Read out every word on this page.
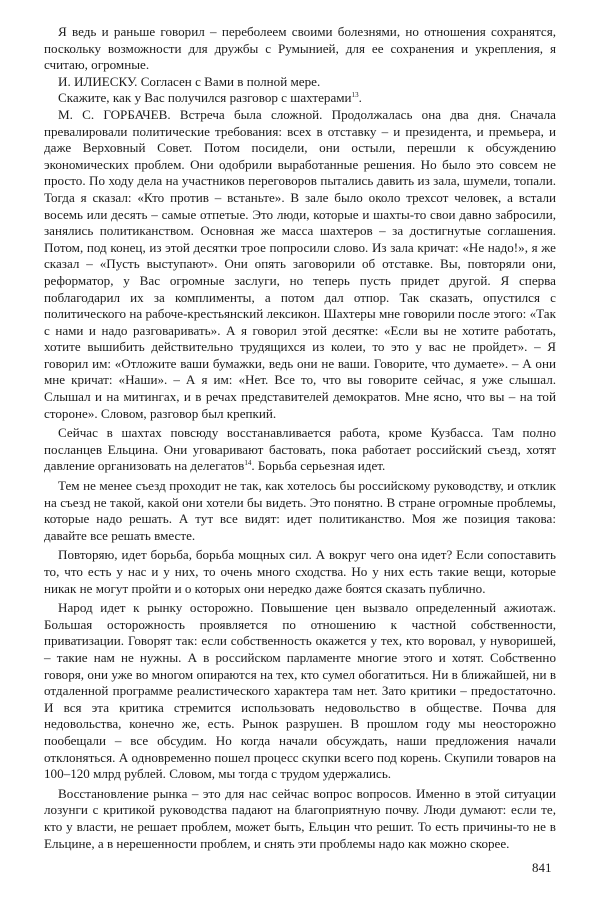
Я ведь и раньше говорил – переболеем своими болезнями, но отношения сохранятся, поскольку возможности для дружбы с Румынией, для ее сохранения и укрепления, я считаю, огромные.

И. ИЛИЕСКУ. Согласен с Вами в полной мере.

Скажите, как у Вас получился разговор с шахтерами$^{13}$.

М. С. ГОРБАЧЕВ. Встреча была сложной. Продолжалась она два дня. Сначала превалировали политические требования: всех в отставку – и президента, и премьера, и даже Верховный Совет. Потом посидели, они остыли, перешли к обсуждению экономических проблем. Они одобрили выработанные решения. Но было это совсем не просто. По ходу дела на участников переговоров пытались давить из зала, шумели, топали. Тогда я сказал: «Кто против – встаньте». В зале было около трехсот человек, а встали восемь или десять – самые отпетые. Это люди, которые и шахты-то свои давно забросили, занялись политиканством. Основная же масса шахтеров – за достигнутые соглашения. Потом, под конец, из этой десятки трое попросили слово. Из зала кричат: «Не надо!», я же сказал – «Пусть выступают». Они опять заговорили об отставке. Вы, повторяли они, реформатор, у Вас огромные заслуги, но теперь пусть придет другой. Я сперва поблагодарил их за комплименты, а потом дал отпор. Так сказать, опустился с политического на рабоче-крестьянский лексикон. Шахтеры мне говорили после этого: «Так с нами и надо разговаривать». А я говорил этой десятке: «Если вы не хотите работать, хотите вышибить действительно трудящихся из колеи, то это у вас не пройдет». – Я говорил им: «Отложите ваши бумажки, ведь они не ваши. Говорите, что думаете». – А они мне кричат: «Наши». – А я им: «Нет. Все то, что вы говорите сейчас, я уже слышал. Слышал и на митингах, и в речах представителей демократов. Мне ясно, что вы – на той стороне». Словом, разговор был крепкий.

Сейчас в шахтах повсюду восстанавливается работа, кроме Кузбасса. Там полно посланцев Ельцина. Они уговаривают бастовать, пока работает российский съезд, хотят давление организовать на делегатов$^{14}$. Борьба серьезная идет.

Тем не менее съезд проходит не так, как хотелось бы российскому руководству, и отклик на съезд не такой, какой они хотели бы видеть. Это понятно. В стране огромные проблемы, которые надо решать. А тут все видят: идет политиканство. Моя же позиция такова: давайте все решать вместе.

Повторяю, идет борьба, борьба мощных сил. А вокруг чего она идет? Если сопоставить то, что есть у нас и у них, то очень много сходства. Но у них есть такие вещи, которые никак не могут пройти и о которых они нередко даже боятся сказать публично.

Народ идет к рынку осторожно. Повышение цен вызвало определенный ажиотаж. Большая осторожность проявляется по отношению к частной собственности, приватизации. Говорят так: если собственность окажется у тех, кто воровал, у нуворишей, – такие нам не нужны. А в российском парламенте многие этого и хотят. Собственно говоря, они уже во многом опираются на тех, кто сумел обогатиться. Ни в ближайшей, ни в отдаленной программе реалистического характера там нет. Зато критики – предостаточно. И вся эта критика стремится использовать недовольство в обществе. Почва для недовольства, конечно же, есть. Рынок разрушен. В прошлом году мы неосторожно пообещали – все обсудим. Но когда начали обсуждать, наши предложения начали отклоняться. А одновременно пошел процесс скупки всего под корень. Скупили товаров на 100–120 млрд рублей. Словом, мы тогда с трудом удержались.

Восстановление рынка – это для нас сейчас вопрос вопросов. Именно в этой ситуации лозунги с критикой руководства падают на благоприятную почву. Люди думают: если те, кто у власти, не решает проблем, может быть, Ельцин что решит. То есть причины-то не в Ельцине, а в нерешенности проблем, и снять эти проблемы надо как можно скорее.

841
